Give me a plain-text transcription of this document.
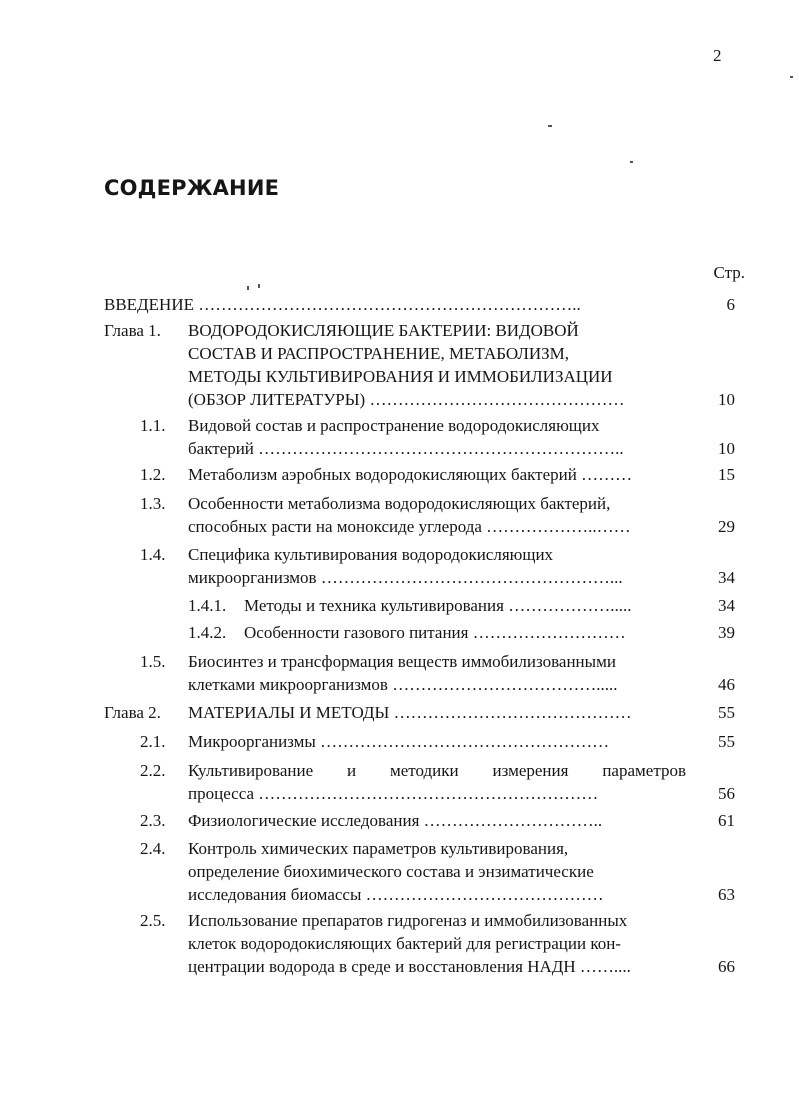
2
СОДЕРЖАНИЕ
Стр.
ВВЕДЕНИЕ …………………………………………………………..	6
Глава 1. ВОДОРОДОКИСЛЯЮЩИЕ БАКТЕРИИ: ВИДОВОЙ
СОСТАВ И РАСПРОСТРАНЕНИЕ, МЕТАБОЛИЗМ,
МЕТОДЫ КУЛЬТИВИРОВАНИЯ И ИММОБИЛИЗАЦИИ
(ОБЗОР ЛИТЕРАТУРЫ) ………………………………………	10
1.1. Видовой состав и распространение водородокисляющих
бактерий ………………………………………………………..	10
1.2. Метаболизм аэробных водородокисляющих бактерий ………	15
1.3. Особенности метаболизма водородокисляющих бактерий,
способных расти на моноксиде углерода ………………..……	29
1.4. Специфика культивирования водородокисляющих
микроорганизмов ……………………………………………...	34
1.4.1. Методы и техника культивирования ……………….....	34
1.4.2. Особенности газового питания ………………………	39
1.5. Биосинтез и трансформация веществ иммобилизованными
клетками микроорганизмов ……………………………….....	46
Глава 2. МАТЕРИАЛЫ И МЕТОДЫ ……………………………………	55
2.1. Микроорганизмы ……………………………………………	55
2.2. Культивирование и методики измерения параметров
процесса ……………………………………………………	56
2.3. Физиологические исследования …………………………..	61
2.4. Контроль химических параметров культивирования,
определение биохимического состава и энзиматические
исследования биомассы ……………………………………	63
2.5. Использование препаратов гидрогеназ и иммобилизованных
клеток водородокисляющих бактерий для регистрации кон-
центрации водорода в среде и восстановления НАДН ……....	66
